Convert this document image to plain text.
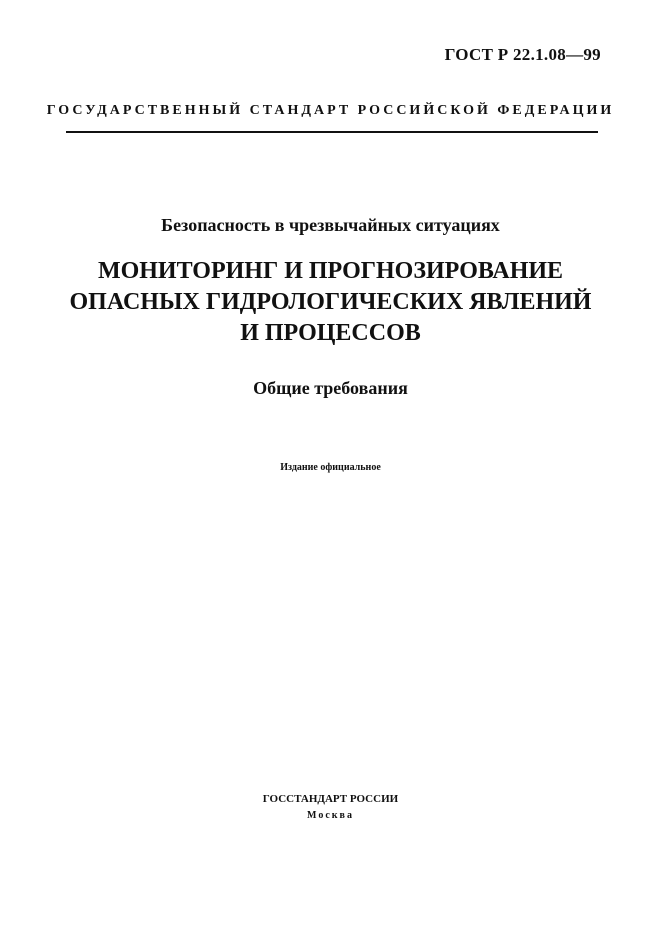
ГОСТ Р 22.1.08—99
ГОСУДАРСТВЕННЫЙ СТАНДАРТ РОССИЙСКОЙ ФЕДЕРАЦИИ
Безопасность в чрезвычайных ситуациях
МОНИТОРИНГ И ПРОГНОЗИРОВАНИЕ
ОПАСНЫХ ГИДРОЛОГИЧЕСКИХ ЯВЛЕНИЙ
И ПРОЦЕССОВ
Общие требования
Издание официальное
ГОССТАНДАРТ РОССИИ
Москва
